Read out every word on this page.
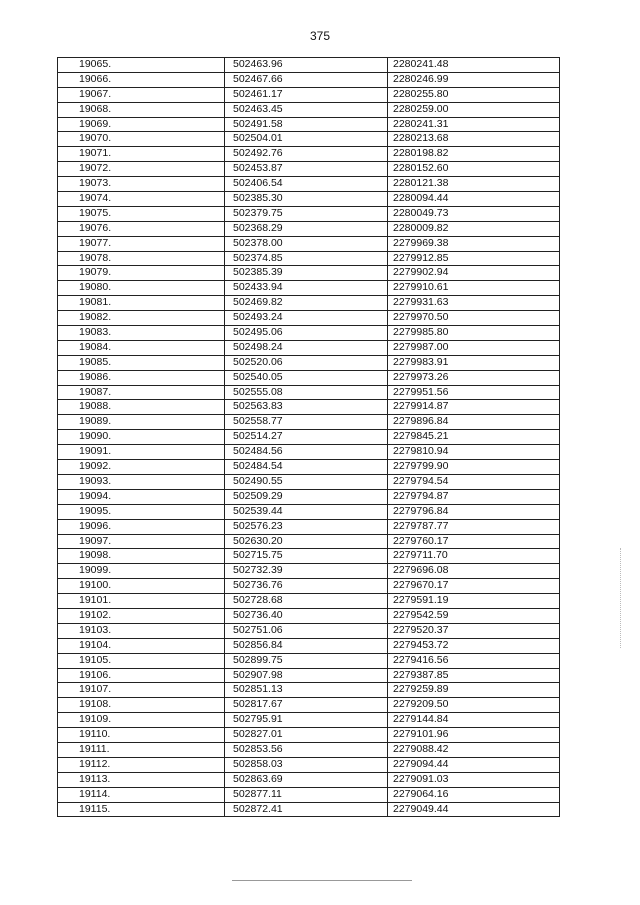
375
19065.	502463.96	2280241.48
19066.	502467.66	2280246.99
19067.	502461.17	2280255.80
19068.	502463.45	2280259.00
19069.	502491.58	2280241.31
19070.	502504.01	2280213.68
19071.	502492.76	2280198.82
19072.	502453.87	2280152.60
19073.	502406.54	2280121.38
19074.	502385.30	2280094.44
19075.	502379.75	2280049.73
19076.	502368.29	2280009.82
19077.	502378.00	2279969.38
19078.	502374.85	2279912.85
19079.	502385.39	2279902.94
19080.	502433.94	2279910.61
19081.	502469.82	2279931.63
19082.	502493.24	2279970.50
19083.	502495.06	2279985.80
19084.	502498.24	2279987.00
19085.	502520.06	2279983.91
19086.	502540.05	2279973.26
19087.	502555.08	2279951.56
19088.	502563.83	2279914.87
19089.	502558.77	2279896.84
19090.	502514.27	2279845.21
19091.	502484.56	2279810.94
19092.	502484.54	2279799.90
19093.	502490.55	2279794.54
19094.	502509.29	2279794.87
19095.	502539.44	2279796.84
19096.	502576.23	2279787.77
19097.	502630.20	2279760.17
19098.	502715.75	2279711.70
19099.	502732.39	2279696.08
19100.	502736.76	2279670.17
19101.	502728.68	2279591.19
19102.	502736.40	2279542.59
19103.	502751.06	2279520.37
19104.	502856.84	2279453.72
19105.	502899.75	2279416.56
19106.	502907.98	2279387.85
19107.	502851.13	2279259.89
19108.	502817.67	2279209.50
19109.	502795.91	2279144.84
19110.	502827.01	2279101.96
19111.	502853.56	2279088.42
19112.	502858.03	2279094.44
19113.	502863.69	2279091.03
19114.	502877.11	2279064.16
19115.	502872.41	2279049.44
